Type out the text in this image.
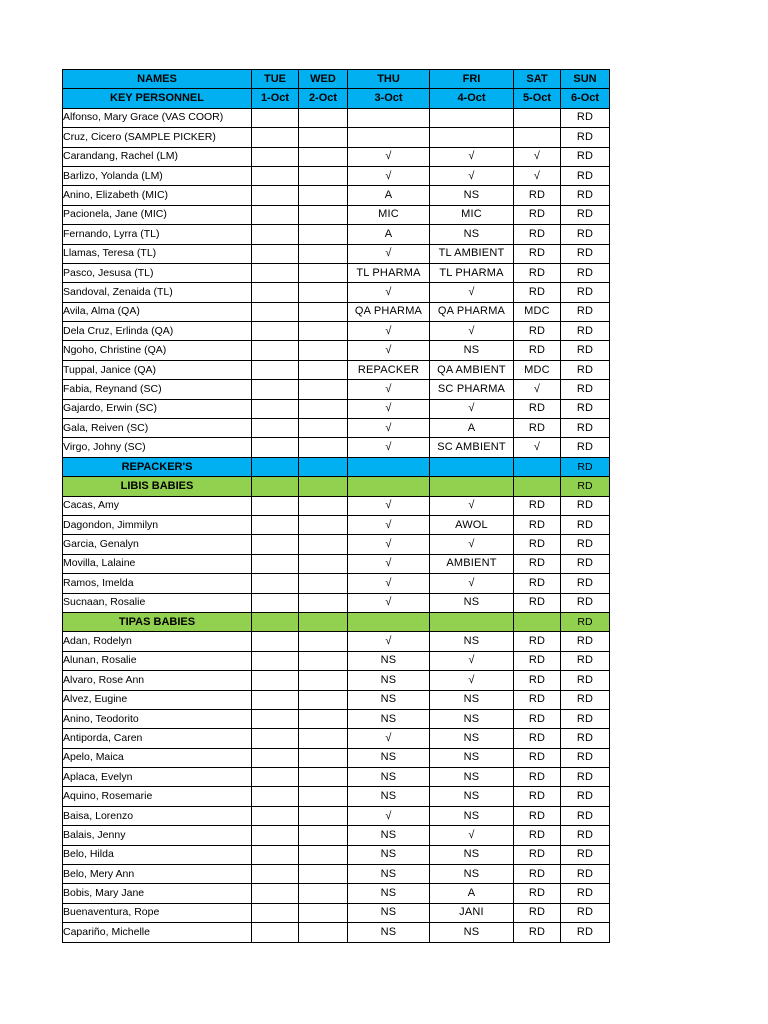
NAMES	TUE	WED	THU	FRI	SAT	SUN
KEY PERSONNEL	1-Oct	2-Oct	3-Oct	4-Oct	5-Oct	6-Oct
Alfonso, Mary Grace (VAS COOR)						RD
Cruz, Cicero (SAMPLE PICKER)						RD
Carandang, Rachel (LM)			√	√	√	RD
Barlizo, Yolanda (LM)			√	√	√	RD
Anino, Elizabeth (MIC)			A	NS	RD	RD
Pacionela, Jane (MIC)			MIC	MIC	RD	RD
Fernando, Lyrra (TL)			A	NS	RD	RD
Llamas, Teresa (TL)			√	TL AMBIENT	RD	RD
Pasco, Jesusa (TL)			TL PHARMA	TL PHARMA	RD	RD
Sandoval, Zenaida (TL)			√	√	RD	RD
Avila, Alma (QA)			QA PHARMA	QA PHARMA	MDC	RD
Dela Cruz, Erlinda (QA)			√	√	RD	RD
Ngoho, Christine (QA)			√	NS	RD	RD
Tuppal, Janice (QA)			REPACKER	QA AMBIENT	MDC	RD
Fabia, Reynand (SC)			√	SC PHARMA	√	RD
Gajardo, Erwin (SC)			√	√	RD	RD
Gala, Reiven (SC)			√	A	RD	RD
Virgo, Johny (SC)			√	SC AMBIENT	√	RD
REPACKER'S						RD
LIBIS BABIES						RD
Cacas, Amy			√	√	RD	RD
Dagondon, Jimmilyn			√	AWOL	RD	RD
Garcia, Genalyn			√	√	RD	RD
Movilla, Lalaine			√	AMBIENT	RD	RD
Ramos, Imelda			√	√	RD	RD
Sucnaan, Rosalie			√	NS	RD	RD
TIPAS BABIES						RD
Adan, Rodelyn			√	NS	RD	RD
Alunan, Rosalie			NS	√	RD	RD
Alvaro, Rose Ann			NS	√	RD	RD
Alvez, Eugine			NS	NS	RD	RD
Anino, Teodorito			NS	NS	RD	RD
Antiporda, Caren			√	NS	RD	RD
Apelo, Maica			NS	NS	RD	RD
Aplaca, Evelyn			NS	NS	RD	RD
Aquino, Rosemarie			NS	NS	RD	RD
Baisa, Lorenzo			√	NS	RD	RD
Balais, Jenny			NS	√	RD	RD
Belo, Hilda			NS	NS	RD	RD
Belo, Mery Ann			NS	NS	RD	RD
Bobis, Mary Jane			NS	A	RD	RD
Buenaventura, Rope			NS	JANI	RD	RD
Capariño, Michelle			NS	NS	RD	RD
